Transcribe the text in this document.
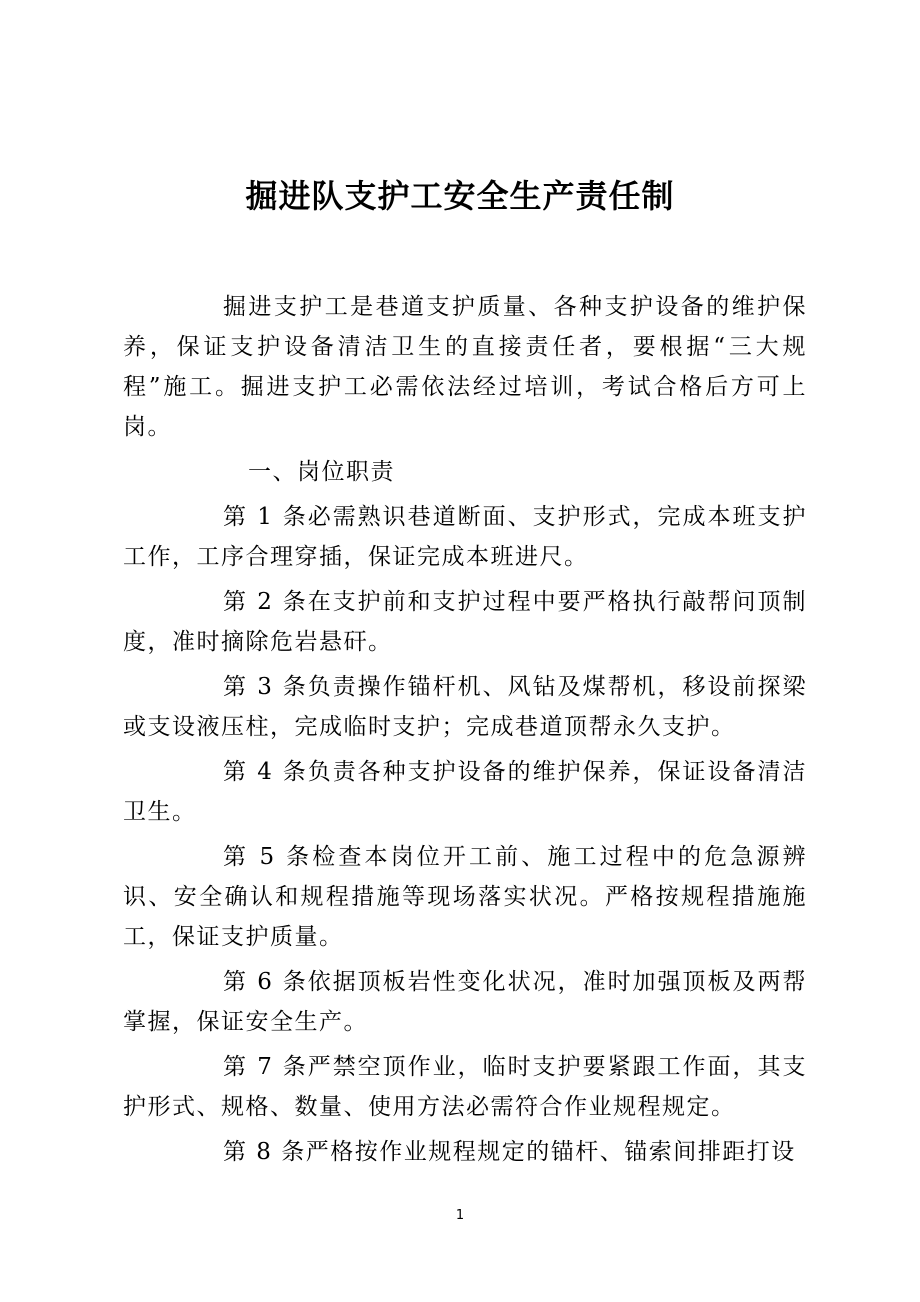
掘进队支护工安全生产责任制

掘进支护工是巷道支护质量、各种支护设备的维护保养，保证支护设备清洁卫生的直接责任者，要根据“三大规程”施工。掘进支护工必需依法经过培训，考试合格后方可上岗。

一、岗位职责

第 1 条必需熟识巷道断面、支护形式，完成本班支护工作，工序合理穿插，保证完成本班进尺。

第 2 条在支护前和支护过程中要严格执行敲帮问顶制度，准时摘除危岩悬矸。

第 3 条负责操作锚杆机、风钻及煤帮机，移设前探梁或支设液压柱，完成临时支护；完成巷道顶帮永久支护。

第 4 条负责各种支护设备的维护保养，保证设备清洁卫生。

第 5 条检查本岗位开工前、施工过程中的危急源辨识、安全确认和规程措施等现场落实状况。严格按规程措施施工，保证支护质量。

第 6 条依据顶板岩性变化状况，准时加强顶板及两帮掌握，保证安全生产。

第 7 条严禁空顶作业，临时支护要紧跟工作面，其支护形式、规格、数量、使用方法必需符合作业规程规定。

第 8 条严格按作业规程规定的锚杆、锚索间排距打设

1
